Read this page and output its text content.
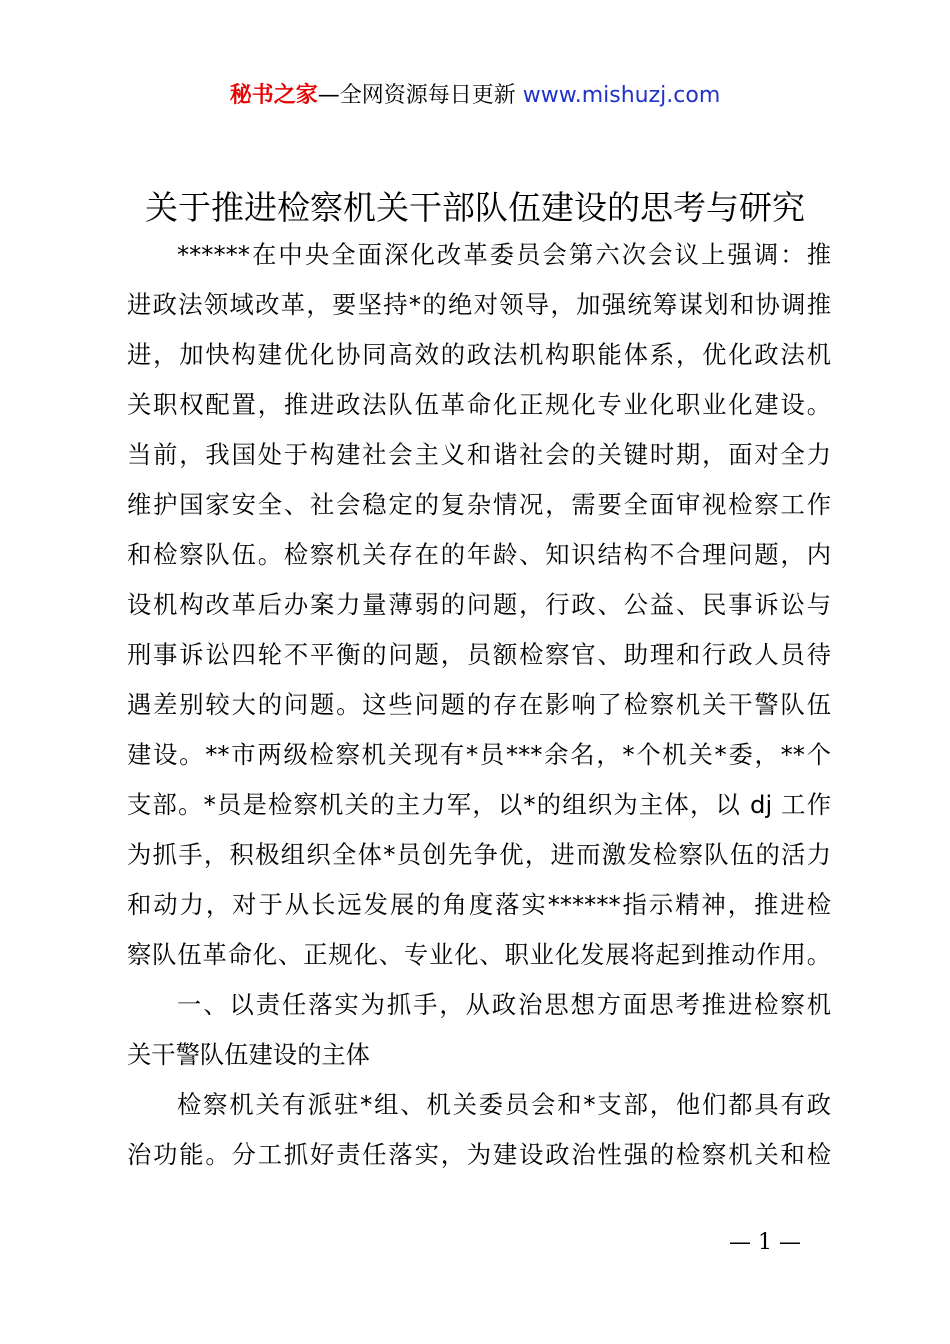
秘书之家—全网资源每日更新 www.mishuzj.com
关于推进检察机关干部队伍建设的思考与研究
******在中央全面深化改革委员会第六次会议上强调：推
进政法领域改革，要坚持*的绝对领导，加强统筹谋划和协调推
进，加快构建优化协同高效的政法机构职能体系，优化政法机
关职权配置，推进政法队伍革命化正规化专业化职业化建设。
当前，我国处于构建社会主义和谐社会的关键时期，面对全力
维护国家安全、社会稳定的复杂情况，需要全面审视检察工作
和检察队伍。检察机关存在的年龄、知识结构不合理问题，内
设机构改革后办案力量薄弱的问题，行政、公益、民事诉讼与
刑事诉讼四轮不平衡的问题，员额检察官、助理和行政人员待
遇差别较大的问题。这些问题的存在影响了检察机关干警队伍
建设。**市两级检察机关现有*员***余名，*个机关*委，**个
支部。*员是检察机关的主力军，以*的组织为主体，以 dj 工作
为抓手，积极组织全体*员创先争优，进而激发检察队伍的活力
和动力，对于从长远发展的角度落实******指示精神，推进检
察队伍革命化、正规化、专业化、职业化发展将起到推动作用。
一、以责任落实为抓手，从政治思想方面思考推进检察机
关干警队伍建设的主体
检察机关有派驻*组、机关委员会和*支部，他们都具有政
治功能。分工抓好责任落实，为建设政治性强的检察机关和检
— 1 —
